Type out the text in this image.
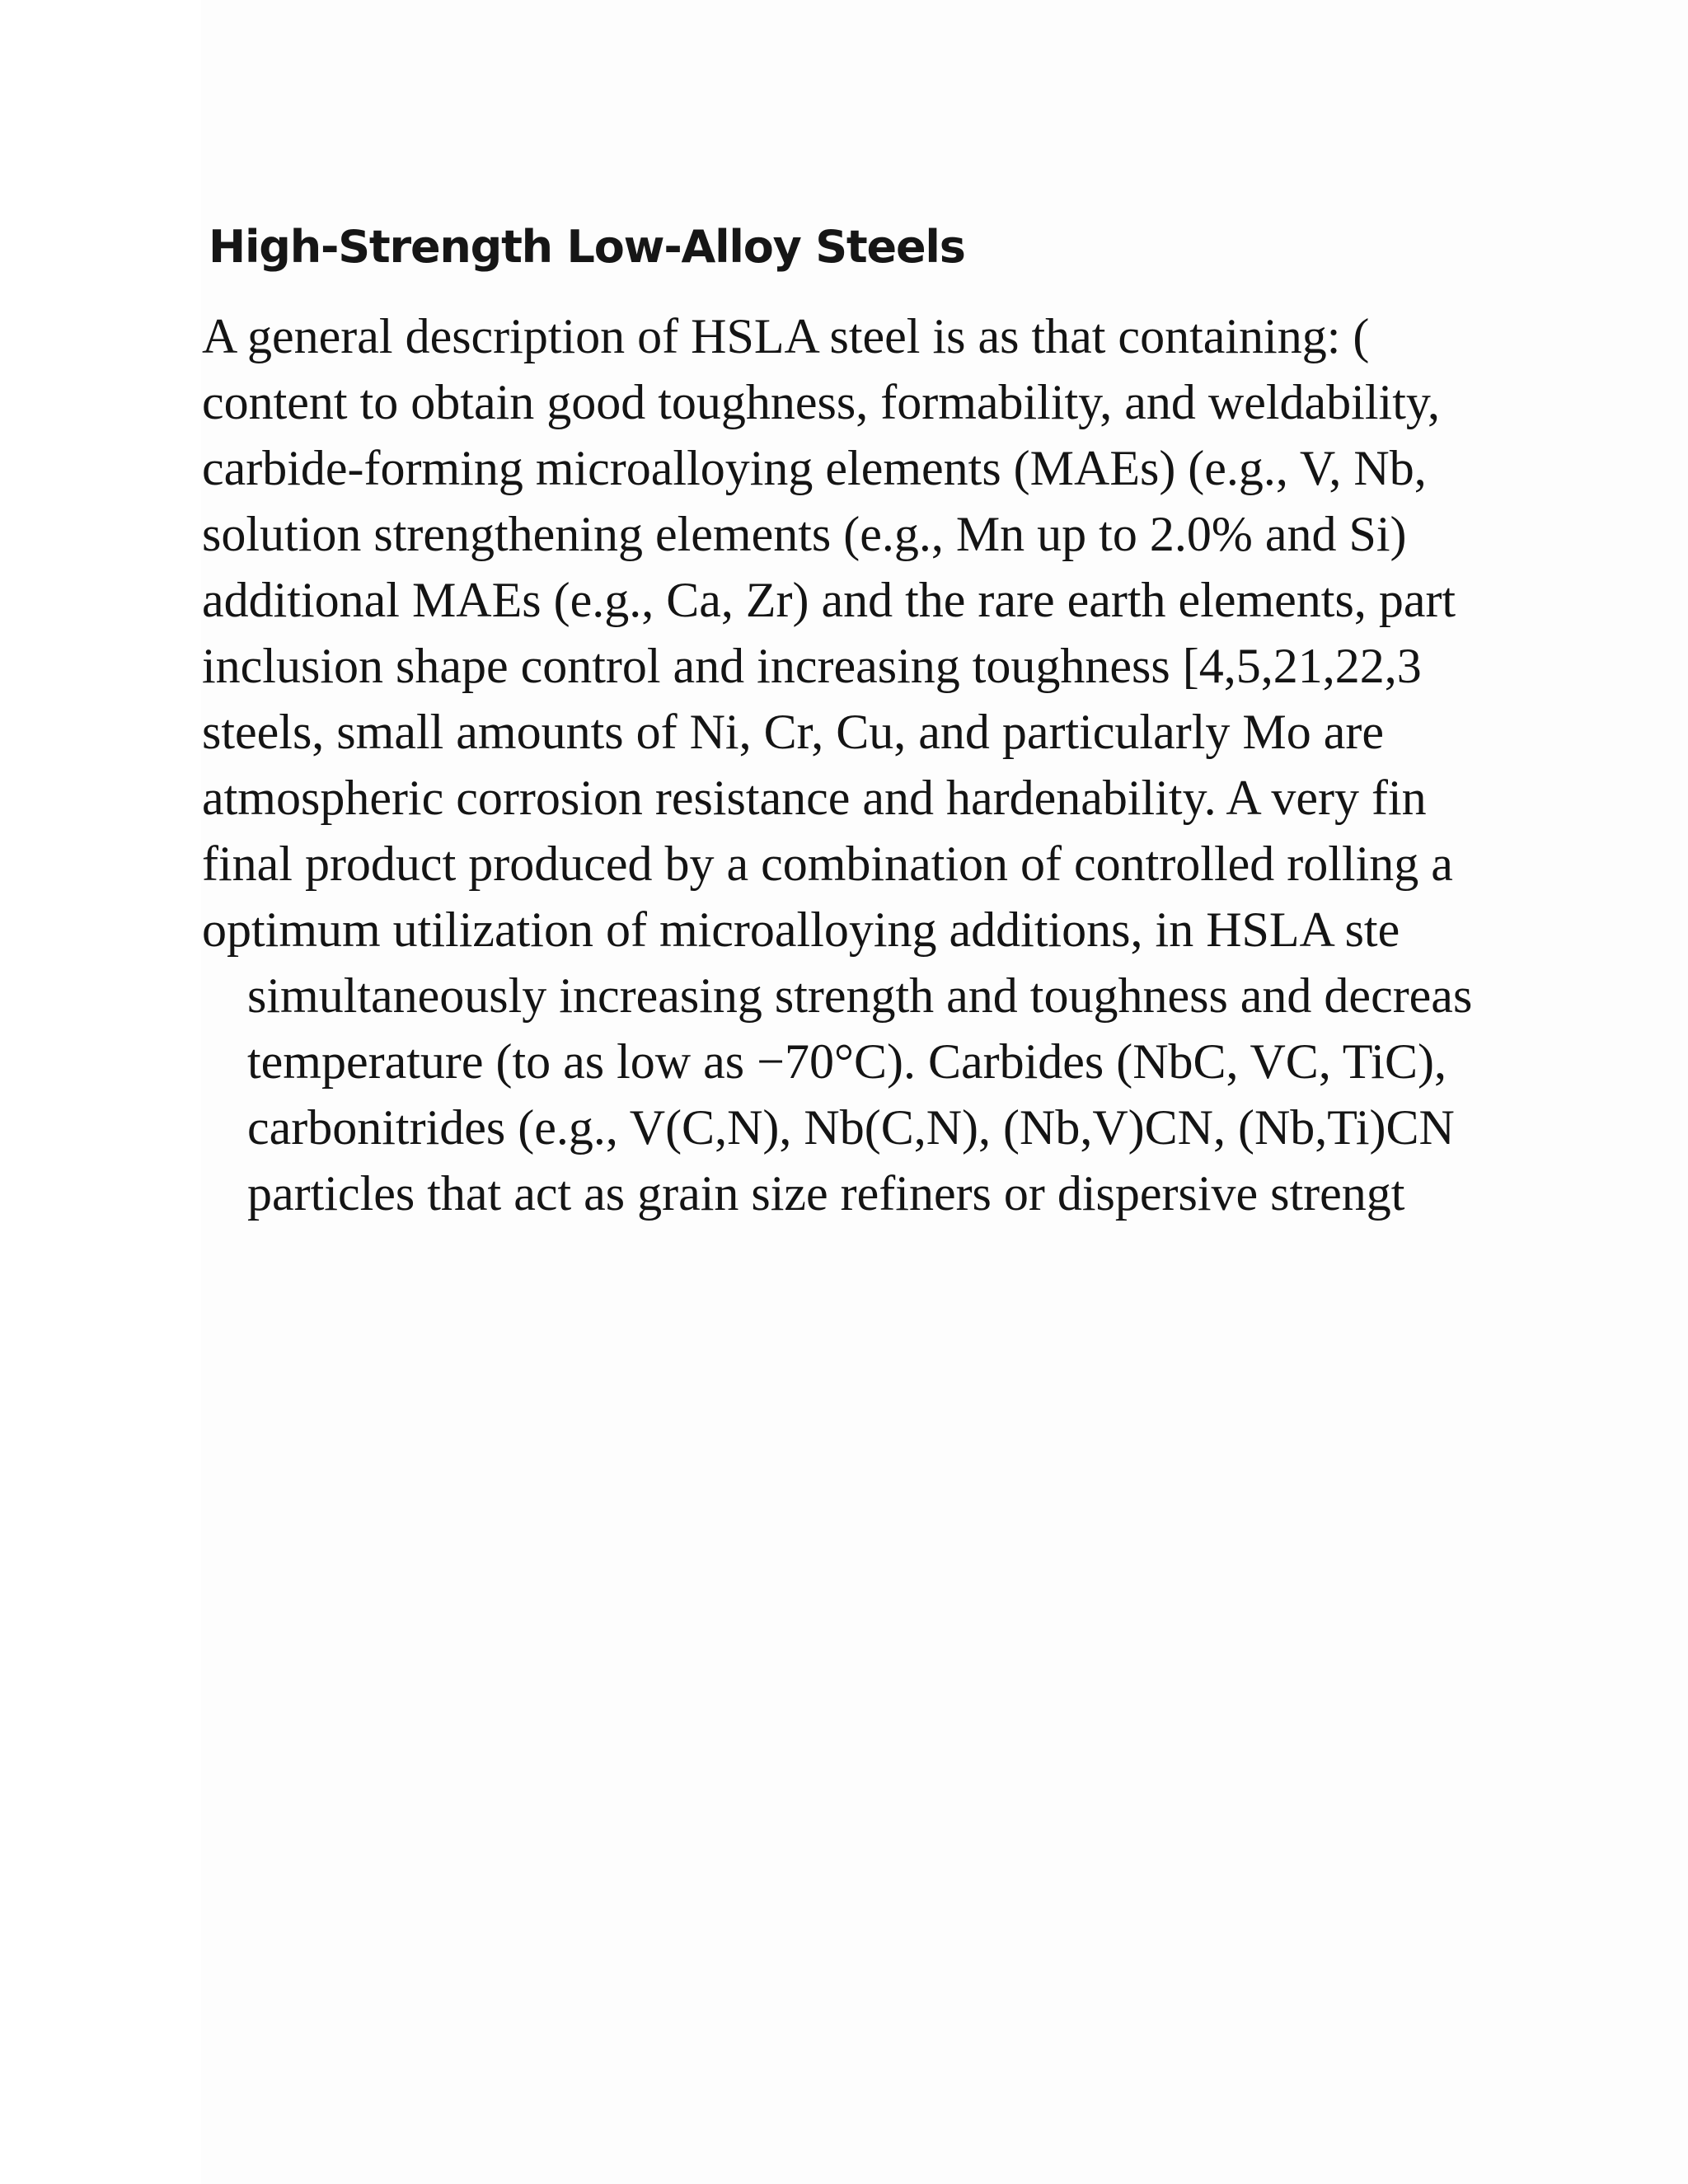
High-Strength Low-Alloy Steels
A general description of HSLA steel is as that containing: (
content to obtain good toughness, formability, and weldability,
carbide-forming microalloying elements (MAEs) (e.g., V, Nb,
solution strengthening elements (e.g., Mn up to 2.0% and Si)
additional MAEs (e.g., Ca, Zr) and the rare earth elements, part
inclusion shape control and increasing toughness [4,5,21,22,3
steels, small amounts of Ni, Cr, Cu, and particularly Mo are
atmospheric corrosion resistance and hardenability. A very fin
final product produced by a combination of controlled rolling a
optimum utilization of microalloying additions, in HSLA ste
simultaneously increasing strength and toughness and decreas
temperature (to as low as −70°C). Carbides (NbC, VC, TiC),
carbonitrides (e.g., V(C,N), Nb(C,N), (Nb,V)CN, (Nb,Ti)CN
particles that act as grain size refiners or dispersive strengt
